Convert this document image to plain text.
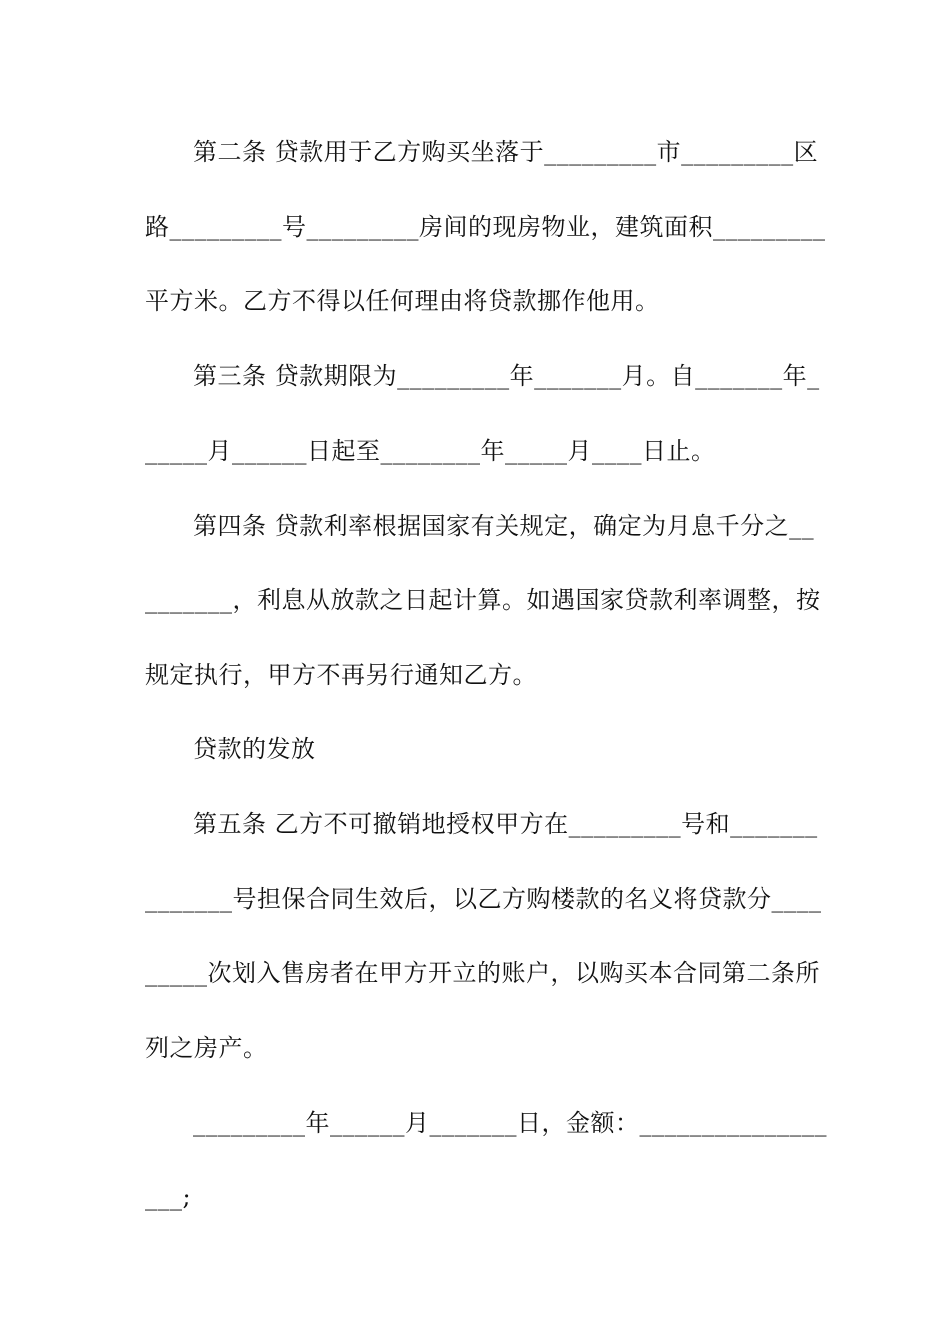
第二条 贷款用于乙方购买坐落于_________市_________区
路_________号_________房间的现房物业，建筑面积_________
平方米。乙方不得以任何理由将贷款挪作他用。
第三条 贷款期限为_________年_______月。自_______年_
_____月______日起至________年_____月____日止。
第四条 贷款利率根据国家有关规定，确定为月息千分之__
_______，利息从放款之日起计算。如遇国家贷款利率调整，按
规定执行，甲方不再另行通知乙方。
贷款的发放
第五条 乙方不可撤销地授权甲方在_________号和_______
_______号担保合同生效后，以乙方购楼款的名义将贷款分____
_____次划入售房者在甲方开立的账户，以购买本合同第二条所
列之房产。
_________年______月_______日，金额：_______________
___;
